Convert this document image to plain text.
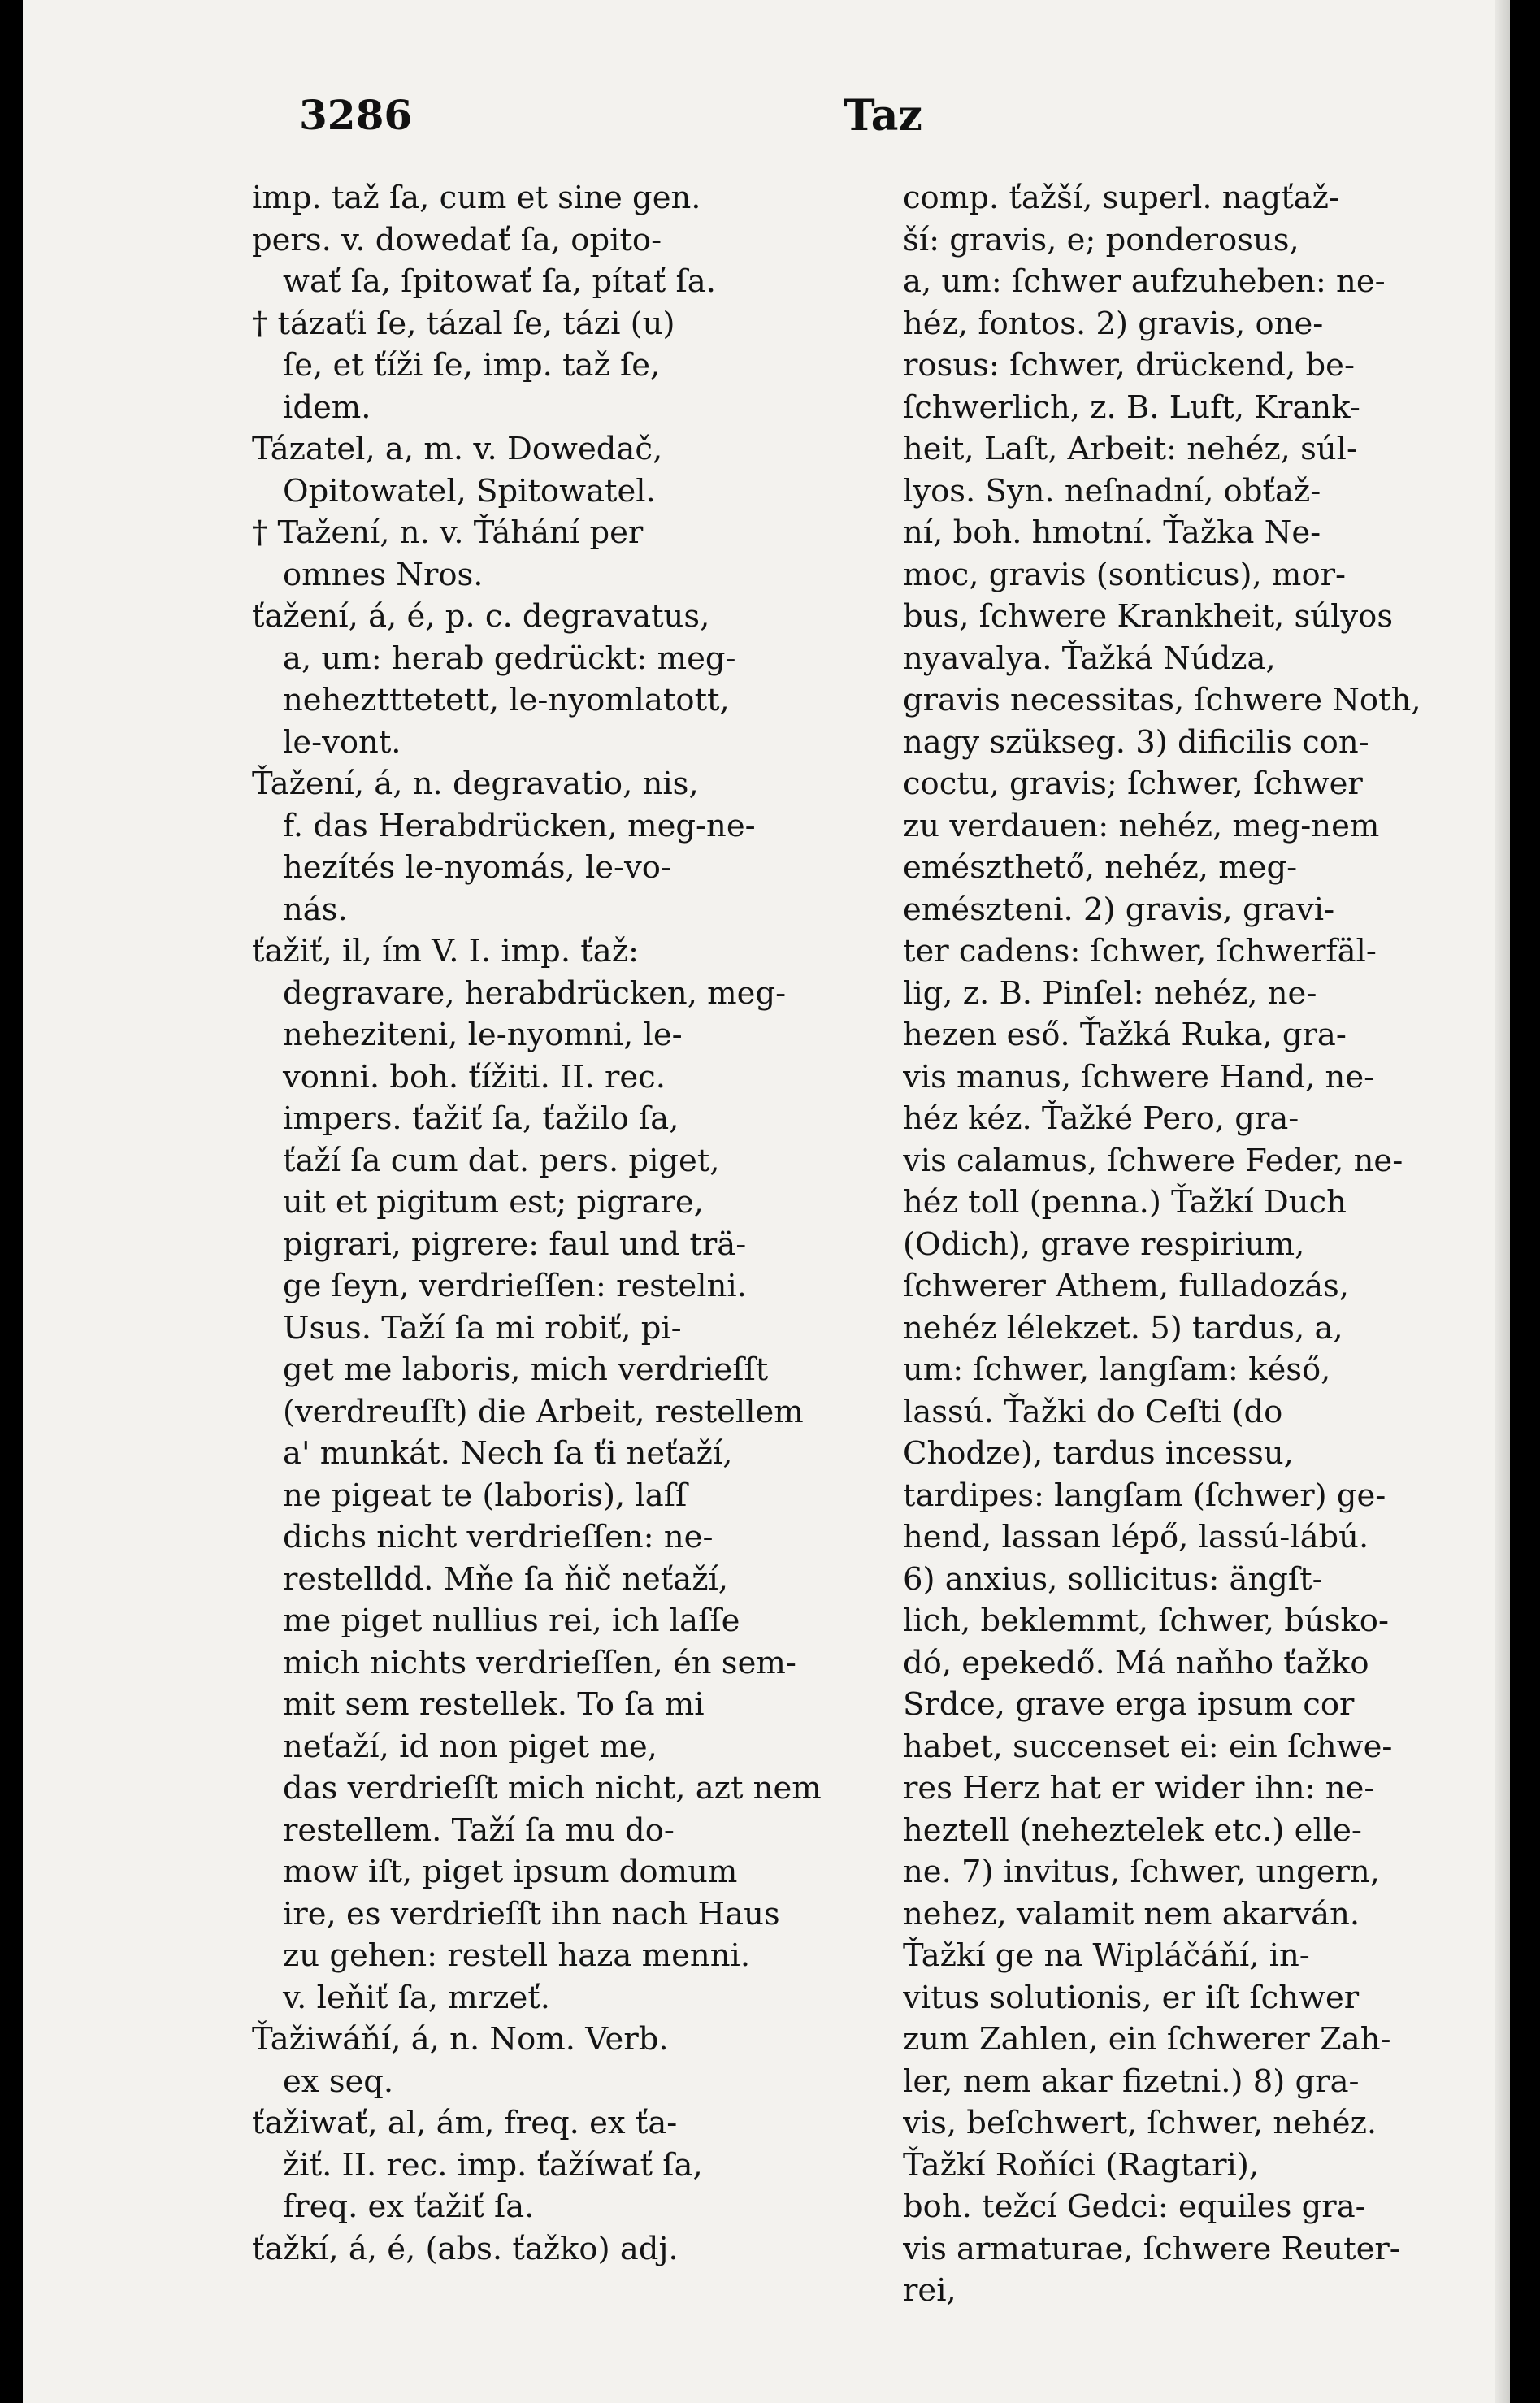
3286	Taz
imp. taž ſa, cum et sine gen.
pers. v. dowedať ſa, opito-
wať ſa, ſpitowať ſa, pítať ſa.
† tázaťi ſe, tázal ſe, tázi (u)
ſe, et ťíži ſe, imp. taž ſe,
idem.
Tázatel, a, m. v. Dowedač,
Opitowatel, Spitowatel.
† Tažení, n. v. Ťáhání per
omnes Nros.
ťažení, á, é, p. c. degravatus,
a, um: herab gedrückt: meg-
neheztttetett, le-nyomlatott,
le-vont.
Ťažení, á, n. degravatio, nis,
f. das Herabdrücken, meg-ne-
hezítés le-nyomás, le-vo-
nás.
ťažiť, il, ím V. I. imp. ťaž:
degravare, herabdrücken, meg-
neheziteni, le-nyomni, le-
vonni. boh. ťížiti. II. rec.
impers. ťažiť ſa, ťažilo ſa,
ťaží ſa cum dat. pers. piget,
uit et pigitum est; pigrare,
pigrari, pigrere: faul und trä-
ge ſeyn, verdrieſſen: restelni.
Usus. Taží ſa mi robiť, pi-
get me laboris, mich verdrieſſt
(verdreuſſt) die Arbeit, restellem
a' munkát. Nech ſa ťi neťaží,
ne pigeat te (laboris), laſſ
dichs nicht verdrieſſen: ne-
restelldd. Mňe ſa ňič neťaží,
me piget nullius rei, ich laſſe
mich nichts verdrieſſen, én sem-
mit sem restellek. To ſa mi
neťaží, id non piget me,
das verdrieſſt mich nicht, azt nem
restellem. Taží ſa mu do-
mow iſt, piget ipsum domum
ire, es verdrieſſt ihn nach Haus
zu gehen: restell haza menni.
v. leňiť ſa, mrzeť.
Ťažiwáňí, á, n. Nom. Verb.
ex seq.
ťažiwať, al, ám, freq. ex ťa-
žiť. II. rec. imp. ťažíwať ſa,
freq. ex ťažiť ſa.
ťažkí, á, é, (abs. ťažko) adj.
comp. ťažší, superl. nagťaž-
ší: gravis, e; ponderosus,
a, um: ſchwer aufzuheben: ne-
héz, fontos. 2) gravis, one-
rosus: ſchwer, drückend, be-
ſchwerlich, z. B. Luft, Krank-
heit, Laſt, Arbeit: nehéz, súl-
lyos. Syn. neſnadní, obťaž-
ní, boh. hmotní. Ťažka Ne-
moc, gravis (sonticus), mor-
bus, ſchwere Krankheit, súlyos
nyavalya. Ťažká Núdza,
gravis necessitas, ſchwere Noth,
nagy szükseg. 3) dificilis con-
coctu, gravis; ſchwer, ſchwer
zu verdauen: nehéz, meg-nem
emészthető, nehéz, meg-
emészteni. 2) gravis, gravi-
ter cadens: ſchwer, ſchwerfäl-
lig, z. B. Pinſel: nehéz, ne-
hezen eső. Ťažká Ruka, gra-
vis manus, ſchwere Hand, ne-
héz kéz. Ťažké Pero, gra-
vis calamus, ſchwere Feder, ne-
héz toll (penna.) Ťažkí Duch
(Odich), grave respirium,
ſchwerer Athem, fulladozás,
nehéz lélekzet. 5) tardus, a,
um: ſchwer, langſam: késő,
lassú. Ťažki do Ceſti (do
Chodze), tardus incessu,
tardipes: langſam (ſchwer) ge-
hend, lassan lépő, lassú-lábú.
6) anxius, sollicitus: ängſt-
lich, beklemmt, ſchwer, búsko-
dó, epekedő. Má naňho ťažko
Srdce, grave erga ipsum cor
habet, succenset ei: ein ſchwe-
res Herz hat er wider ihn: ne-
heztell (neheztelek etc.) elle-
ne. 7) invitus, ſchwer, ungern,
nehez, valamit nem akarván.
Ťažkí ge na Wipláčáňí, in-
vitus solutionis, er iſt ſchwer
zum Zahlen, ein ſchwerer Zah-
ler, nem akar fizetni.) 8) gra-
vis, beſchwert, ſchwer, nehéz.
Ťažkí Roňíci (Ragtari),
boh. težcí Gedci: equiles gra-
vis armaturae, ſchwere Reuter-
rei,
